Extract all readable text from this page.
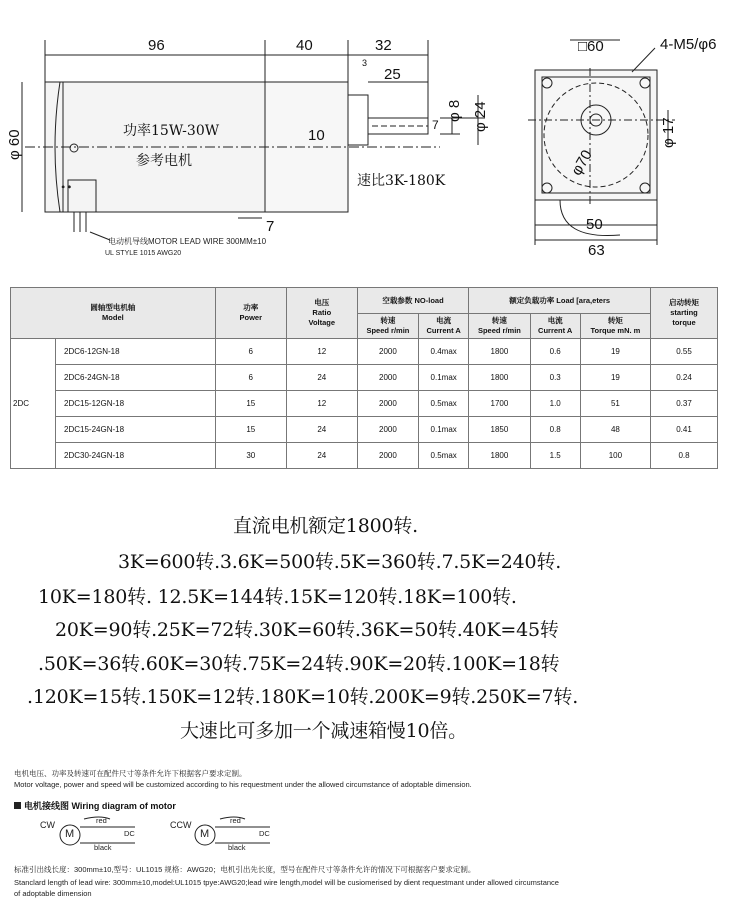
∙∙
96	40	32
3
25
10
7
7
φ 8 φ 24
φ 60
□60	4-M5/φ6
φ70
φ 17
50
63
功率15W-30W
参考电机
速比3K-180K
电动机导线MOTOR LEAD WIRE 300MM±10
UL STYLE 1015 AWG20
圆轴型电机轴
Model		功率
Power	电压
Ratio
Voltage	空载参数 NO-load		额定负载功率 Load [ara,eters			启动转矩
starting
torque
				转速
Speed r/min	电流
Current A	转速
Speed r/min	电流
Current A	转矩
Torque mN. m	
2DC	2DC6-12GN-18	6	12	2000	0.4max	1800	0.6	19	0.55
	2DC6-24GN-18	6	24	2000	0.1max	1800	0.3	19	0.24
	2DC15-12GN-18	15	12	2000	0.5max	1700	1.0	51	0.37
	2DC15-24GN-18	15	24	2000	0.1max	1850	0.8	48	0.41
	2DC30-24GN-18	30	24	2000	0.5max	1800	1.5	100	0.8
直流电机额定1800转.
3K=600转.3.6K=500转.5K=360转.7.5K=240转.
10K=180转. 12.5K=144转.15K=120转.18K=100转.
20K=90转.25K=72转.30K=60转.36K=50转.40K=45转
.50K=36转.60K=30转.75K=24转.90K=20转.100K=18转
.120K=15转.150K=12转.180K=10转.200K=9转.250K=7转.
大速比可多加一个减速箱慢10倍。
电机电压、功率及转速可在配件尺寸等条件允许下根据客户要求定制。
Motor voltage, power and speed will be customized according to his requestment under the allowed circumstance of adoptable dimension.
电机接线图 Wiring diagram of motor
CW
M
red
DC
black
CCW
M
red
DC
black
标准引出线长度：300mm±10,型号：UL1015 规格：AWG20；电机引出先长度，型号在配件尺寸等条件允许的情况下可根据客户要求定制。
Stanclard length of lead wire: 300mm±10,model:UL1015 tpye:AWG20;lead wire length,model will be cusiomerised by dient requestmant under allowed circumstance
of adoptable dimension
